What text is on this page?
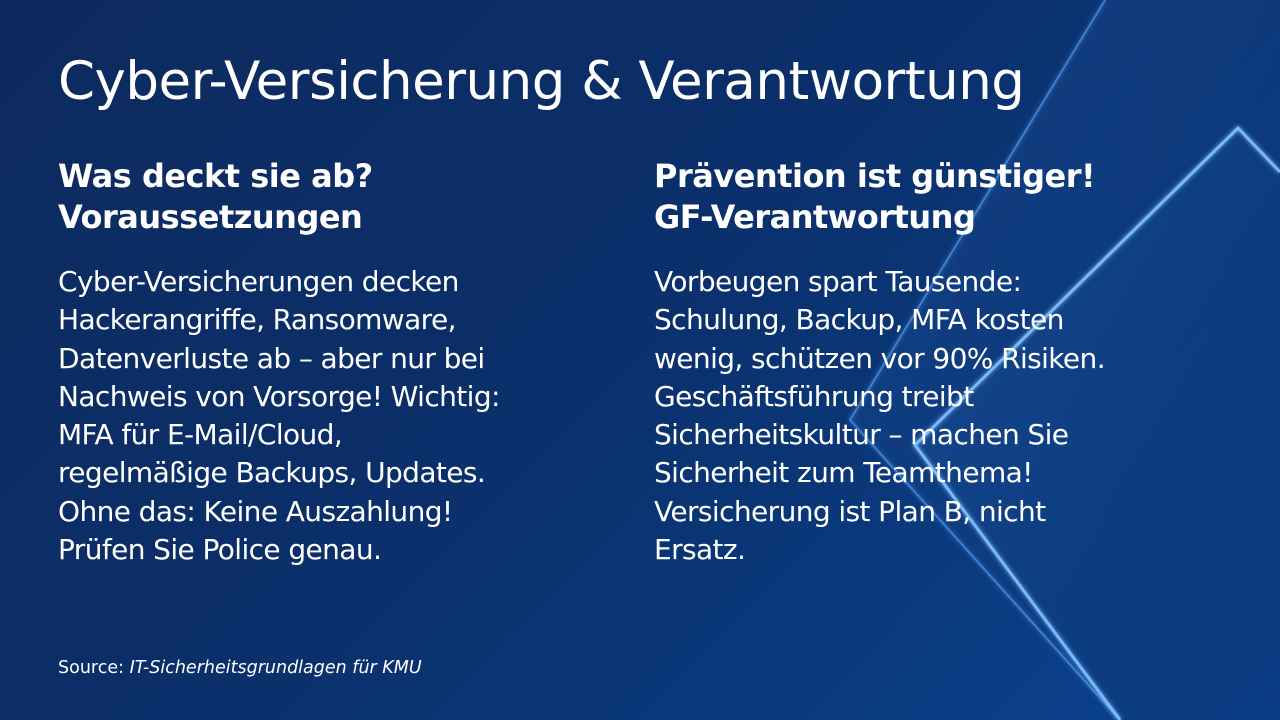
Cyber-Versicherung & Verantwortung
Was deckt sie ab?
Voraussetzungen

Cyber-Versicherungen decken
Hackerangriffe, Ransomware,
Datenverluste ab – aber nur bei
Nachweis von Vorsorge! Wichtig:
MFA für E-Mail/Cloud,
regelmäßige Backups, Updates.
Ohne das: Keine Auszahlung!
Prüfen Sie Police genau.

Prävention ist günstiger!
GF-Verantwortung

Vorbeugen spart Tausende:
Schulung, Backup, MFA kosten
wenig, schützen vor 90% Risiken.
Geschäftsführung treibt
Sicherheitskultur – machen Sie
Sicherheit zum Teamthema!
Versicherung ist Plan B, nicht
Ersatz.

Source: IT-Sicherheitsgrundlagen für KMU
